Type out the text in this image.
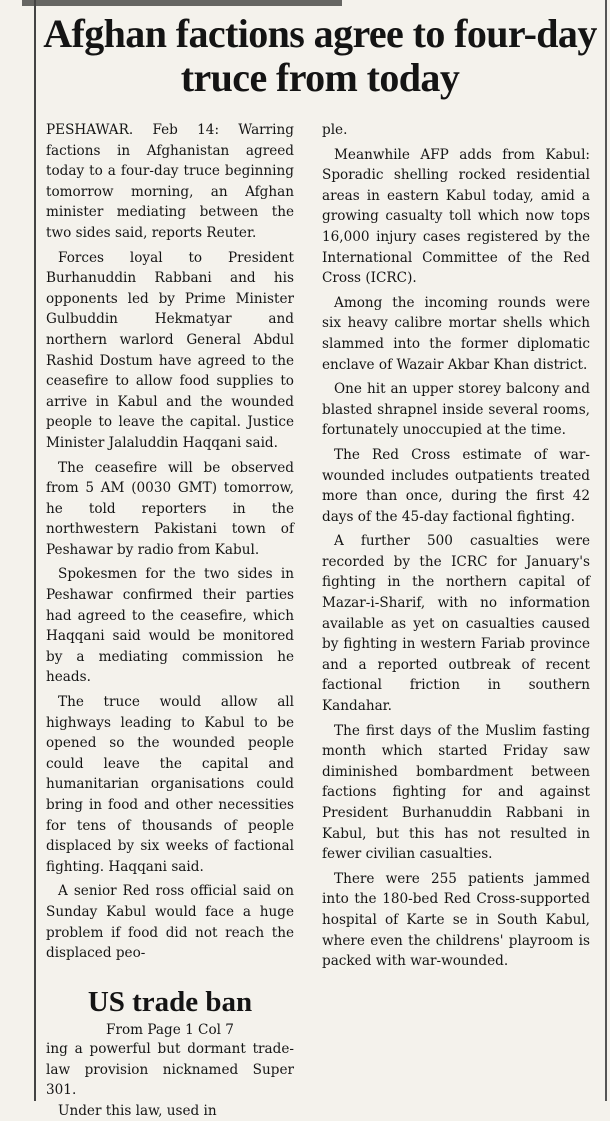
Afghan factions agree to four-day truce from today

PESHAWAR. Feb 14: Warring factions in Afghanistan agreed today to a four-day truce beginning tomorrow morning, an Afghan minister mediating between the two sides said, reports Reuter.

Forces loyal to President Burhanuddin Rabbani and his opponents led by Prime Minister Gulbuddin Hekmatyar and northern warlord General Abdul Rashid Dostum have agreed to the ceasefire to allow food supplies to arrive in Kabul and the wounded people to leave the capital. Justice Minister Jalaluddin Haqqani said.

The ceasefire will be observed from 5 AM (0030 GMT) tomorrow, he told reporters in the northwestern Pakistani town of Peshawar by radio from Kabul.

Spokesmen for the two sides in Peshawar confirmed their parties had agreed to the ceasefire, which Haqqani said would be monitored by a mediating commission he heads.

The truce would allow all highways leading to Kabul to be opened so the wounded people could leave the capital and humanitarian organisations could bring in food and other necessities for tens of thousands of people displaced by six weeks of factional fighting. Haqqani said.

A senior Red ross official said on Sunday Kabul would face a huge problem if food did not reach the displaced peo-

ple.

Meanwhile AFP adds from Kabul: Sporadic shelling rocked residential areas in eastern Kabul today, amid a growing casualty toll which now tops 16,000 injury cases registered by the International Committee of the Red Cross (ICRC).

Among the incoming rounds were six heavy calibre mortar shells which slammed into the former diplomatic enclave of Wazair Akbar Khan district.

One hit an upper storey balcony and blasted shrapnel inside several rooms, fortunately unoccupied at the time.

The Red Cross estimate of war-wounded includes outpatients treated more than once, during the first 42 days of the 45-day factional fighting.

A further 500 casualties were recorded by the ICRC for January's fighting in the northern capital of Mazar-i-Sharif, with no information available as yet on casualties caused by fighting in western Fariab province and a reported outbreak of recent factional friction in southern Kandahar.

The first days of the Muslim fasting month which started Friday saw diminished bombardment between factions fighting for and against President Burhanuddin Rabbani in Kabul, but this has not resulted in fewer civilian casualties.

There were 255 patients jammed into the 180-bed Red Cross-supported hospital of Karte se in South Kabul, where even the childrens' playroom is packed with war-wounded.

US trade ban
From Page 1 Col 7

ing a powerful but dormant trade-law provision nicknamed Super 301.

Under this law, used in
